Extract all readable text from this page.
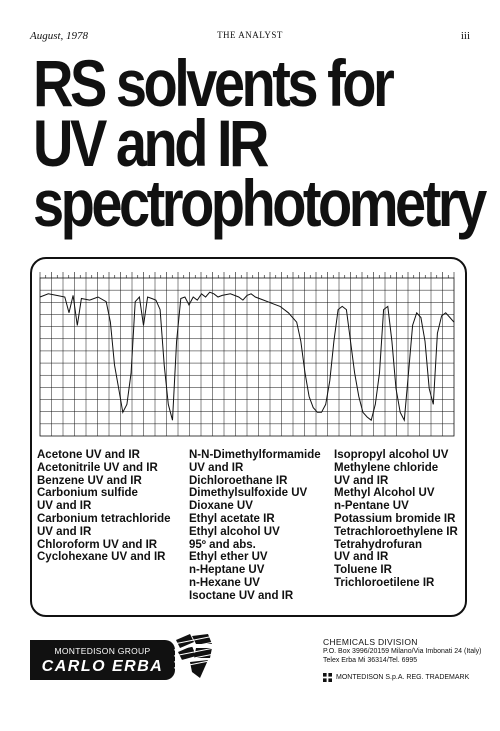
August, 1978	THE ANALYST	iii
RS solvents for
UV and IR
spectrophotometry
Acetone UV and IR
Acetonitrile UV and IR
Benzene UV and IR
Carbonium sulfide
UV and IR
Carbonium tetrachloride
UV and IR
Chloroform UV and IR
Cyclohexane UV and IR
N-N-Dimethylformamide
UV and IR
Dichloroethane IR
Dimethylsulfoxide UV
Dioxane UV
Ethyl acetate IR
Ethyl alcohol UV
95º and abs.
Ethyl ether UV
n-Heptane UV
n-Hexane UV
Isoctane UV and IR
Isopropyl alcohol UV
Methylene chloride
UV and IR
Methyl Alcohol UV
n-Pentane UV
Potassium bromide IR
Tetrachloroethylene IR
Tetrahydrofuran
UV and IR
Toluene IR
Trichloroetilene IR
MONTEDISON GROUP
CARLO ERBA
CHEMICALS DIVISION
P.O. Box 3996/20159 Milano/Via Imbonati 24 (Italy)
Telex Erba Mi 36314/Tel. 6995
MONTEDISON S.p.A. REG. TRADEMARK
